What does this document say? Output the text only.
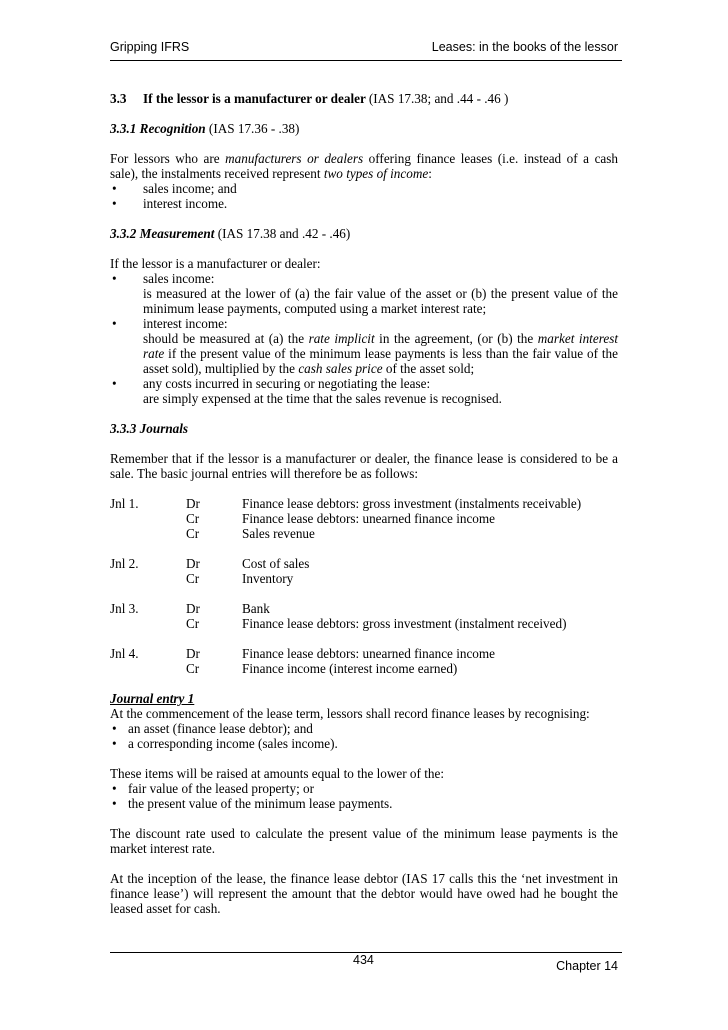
Gripping IFRS	Leases: in the books of the lessor
3.3 If the lessor is a manufacturer or dealer (IAS 17.38; and .44 - .46 )
3.3.1 Recognition (IAS 17.36 - .38)

For lessors who are manufacturers or dealers offering finance leases (i.e. instead of a cash sale), the instalments received represent two types of income:

• sales income; and
• interest income.
3.3.2 Measurement (IAS 17.38 and .42 - .46)

If the lessor is a manufacturer or dealer:

• sales income:
is measured at the lower of (a) the fair value of the asset or (b) the present value of the minimum lease payments, computed using a market interest rate;
• interest income:
should be measured at (a) the rate implicit in the agreement, (or (b) the market interest rate if the present value of the minimum lease payments is less than the fair value of the asset sold), multiplied by the cash sales price of the asset sold;
• any costs incurred in securing or negotiating the lease:
are simply expensed at the time that the sales revenue is recognised.
3.3.3 Journals

Remember that if the lessor is a manufacturer or dealer, the finance lease is considered to be a sale. The basic journal entries will therefore be as follows:

Jnl 1.	Dr	Finance lease debtors: gross investment (instalments receivable)
	Cr	Finance lease debtors: unearned finance income
	Cr	Sales revenue
Jnl 2.	Dr	Cost of sales
	Cr	Inventory
Jnl 3.	Dr	Bank
	Cr	Finance lease debtors: gross investment (instalment received)
Jnl 4.	Dr	Finance lease debtors: unearned finance income
	Cr	Finance income (interest income earned)
Journal entry 1

At the commencement of the lease term, lessors shall record finance leases by recognising:

• an asset (finance lease debtor); and
• a corresponding income (sales income).

These items will be raised at amounts equal to the lower of the:

• fair value of the leased property; or
• the present value of the minimum lease payments.

The discount rate used to calculate the present value of the minimum lease payments is the market interest rate.

At the inception of the lease, the finance lease debtor (IAS 17 calls this the ‘net investment in finance lease’) will represent the amount that the debtor would have owed had he bought the leased asset for cash.

434	Chapter 14
